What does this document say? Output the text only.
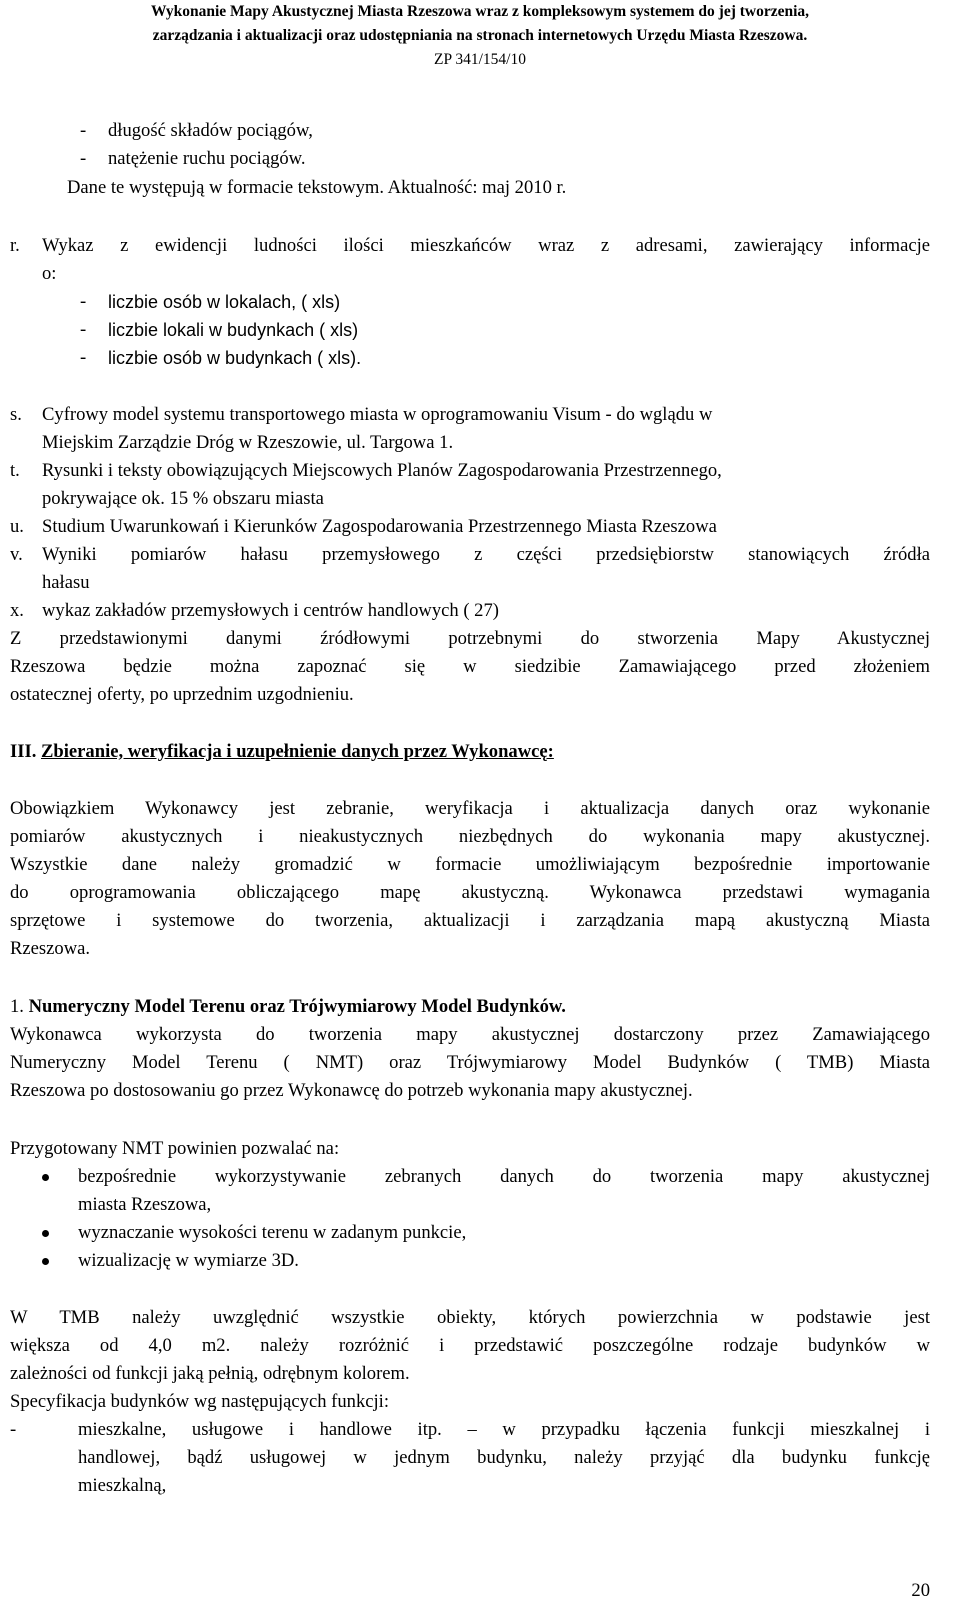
Wykonanie Mapy Akustycznej Miasta Rzeszowa wraz z kompleksowym systemem do jej tworzenia,
zarządzania i aktualizacji oraz udostępniania na stronach internetowych Urzędu Miasta Rzeszowa.
ZP 341/154/10
- długość składów pociągów,
- natężenie ruchu pociągów.
Dane te występują w formacie tekstowym. Aktualność: maj 2010 r.
r. Wykaz z ewidencji ludności ilości mieszkańców wraz z adresami, zawierający informacje
o:
- liczbie osób w lokalach, ( xls)
- liczbie lokali w budynkach ( xls)
- liczbie osób w budynkach ( xls).
s. Cyfrowy model systemu transportowego miasta w oprogramowaniu Visum - do wglądu w
Miejskim Zarządzie Dróg w Rzeszowie, ul. Targowa 1.
t. Rysunki i teksty obowiązujących Miejscowych Planów Zagospodarowania Przestrzennego,
pokrywające ok. 15 % obszaru miasta
u. Studium Uwarunkowań i Kierunków Zagospodarowania Przestrzennego Miasta Rzeszowa
v. Wyniki pomiarów hałasu przemysłowego z części przedsiębiorstw stanowiących źródła
hałasu
x. wykaz zakładów przemysłowych i centrów handlowych ( 27)
Z przedstawionymi danymi źródłowymi potrzebnymi do stworzenia Mapy Akustycznej
Rzeszowa będzie można zapoznać się w siedzibie Zamawiającego przed złożeniem
ostatecznej oferty, po uprzednim uzgodnieniu.
III. Zbieranie, weryfikacja i uzupełnienie danych przez Wykonawcę:
Obowiązkiem Wykonawcy jest zebranie, weryfikacja i aktualizacja danych oraz wykonanie
pomiarów akustycznych i nieakustycznych niezbędnych do wykonania mapy akustycznej.
Wszystkie dane należy gromadzić w formacie umożliwiającym bezpośrednie importowanie
do oprogramowania obliczającego mapę akustyczną. Wykonawca przedstawi wymagania
sprzętowe i systemowe do tworzenia, aktualizacji i zarządzania mapą akustyczną Miasta
Rzeszowa.
1. Numeryczny Model Terenu oraz Trójwymiarowy Model Budynków.
Wykonawca wykorzysta do tworzenia mapy akustycznej dostarczony przez Zamawiającego
Numeryczny Model Terenu ( NMT) oraz Trójwymiarowy Model Budynków ( TMB) Miasta
Rzeszowa po dostosowaniu go przez Wykonawcę do potrzeb wykonania mapy akustycznej.
Przygotowany NMT powinien pozwalać na:
bezpośrednie wykorzystywanie zebranych danych do tworzenia mapy akustycznej
miasta Rzeszowa,
wyznaczanie wysokości terenu w zadanym punkcie,
wizualizację w wymiarze 3D.
W TMB należy uwzględnić wszystkie obiekty, których powierzchnia w podstawie jest
większa od 4,0 m2. należy rozróżnić i przedstawić poszczególne rodzaje budynków w
zależności od funkcji jaką pełnią, odrębnym kolorem.
Specyfikacja budynków wg następujących funkcji:
-	mieszkalne, usługowe i handlowe itp. – w przypadku łączenia funkcji mieszkalnej i
handlowej, bądź usługowej w jednym budynku, należy przyjąć dla budynku funkcję
mieszkalną,
20
